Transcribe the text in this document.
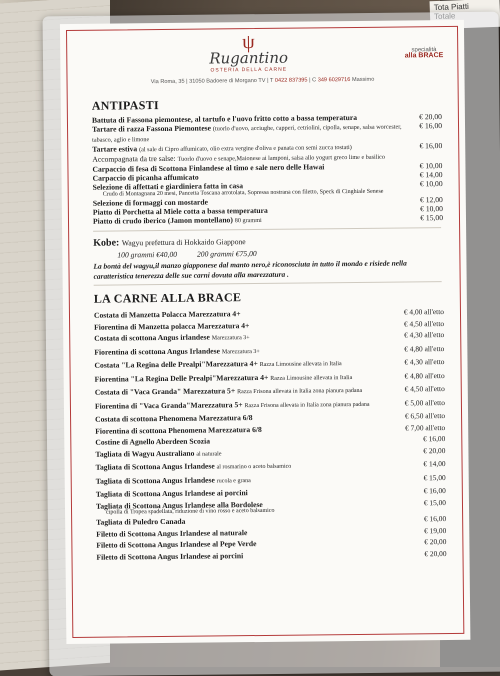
Tota Piatti
ψ
Rugantino
OSTERIA DELLA CARNE
specialità
alla BRACE
Via Roma, 35 | 31050 Badoere di Morgano TV | T 0422 837395 | C 349 6029716 Massimo
ANTIPASTI
Battuta di Fassona piemontese, al tartufo e l'uovo fritto cotto a bassa temperatura	€ 20,00
Tartare di razza Fassona Piemontese (tuorlo d'uovo, acciughe, capperi, cetriolini, cipolla, senape, salsa worcester, tabasco, aglio e limone
€ 16,00
Tartare estiva (al sale di Cipro affumicato, olio extra vergine d'oliva e panata con semi zucca tostati)	€ 16,00
Accompagnata da tre salse: Tuorlo d'uovo e senape,Maionese ai lamponi, salsa allo yogurt greco lime e basilico
Carpaccio di fesa di Scottona Finlandese al timo e sale nero delle Hawai	€ 10,00
Carpaccio di picanha affumicato	€ 14,00
Selezione di affettati e giardiniera fatta in casa	€ 10,00
Crudo di Montagnana 20 mesi, Pancetta Toscana arrotolata, Sopressa nostrana con filetto, Speck di Cinghiale Senese
Selezione di formaggi con mostarde	€ 12,00
Piatto di Porchetta al Miele cotta a bassa temperatura	€ 10,00
Piatto di crudo iberico (Jamon montellano) 80 grammi	€ 15,00
Kobe: Wagyu prefettura di Hokkaido Giappone
100 grammi €40,00	200 grammi €75,00
La bontà del wagyu,il manzo giapponese dal manto nero,è riconosciuta in tutto il mondo e risiede nella caratteristica tenerezza delle sue carni dovuta alla marezzatura .
LA CARNE ALLA BRACE
Costata di Manzetta Polacca Marezzatura 4+	€ 4,00 all'etto
Fiorentina di Manzetta polacca Marezzatura 4+	€ 4,50 all'etto
Costata di scottona Angus irlandese Marezzatura 3+	€ 4,30 all'etto
Fiorentina di scottona Angus Irlandese Marezzatura 3+	€ 4,80 all'etto
Costata "La Regina delle Prealpi"Marezzatura 4+ Razza Limousine allevata in Italia	€ 4,30 all'etto
Fiorentina "La Regina Delle Prealpi"Marezzatura 4+ Razza Limousine allevata in Italia	€ 4,80 all'etto
Costata di "Vaca Granda" Marezzatura 5+ Razza Frisona allevata in Italia zona pianura padana	€ 4,50 all'etto
Fiorentina di "Vaca Granda"Marezzatura 5+ Razza Frisona allevata in Italia zona pianura padana	€ 5,00 all'etto
Costata di scottona Phenomena Marezzatura 6/8	€ 6,50 all'etto
Fiorentina di scottona Phenomena Marezzatura 6/8	€ 7,00 all'etto
Costine di Agnello Aberdeen Scozia	€ 16,00
Tagliata di Wagyu Australiano al naturale	€ 20,00
Tagliata di Scottona Angus Irlandese al rosmarino o aceto balsamico	€ 14,00
Tagliata di Scottona Angus Irlandese rucola e grana	€ 15,00
Tagliata di Scottona Angus Irlandese ai porcini	€ 16,00
Tagliata di Scottona Angus Irlandese alla Bordolese	€ 15,00
cipolla di Tropea spadellata, riduzione di vino rosso e aceto balsamico
Tagliata di Puledro Canada	€ 16,00
Filetto di Scottona Angus Irlandese al naturale	€ 19,00
Filetto di Scottona Angus Irlandese al Pepe Verde	€ 20,00
Filetto di Scottona Angus Irlandese ai porcini	€ 20,00
